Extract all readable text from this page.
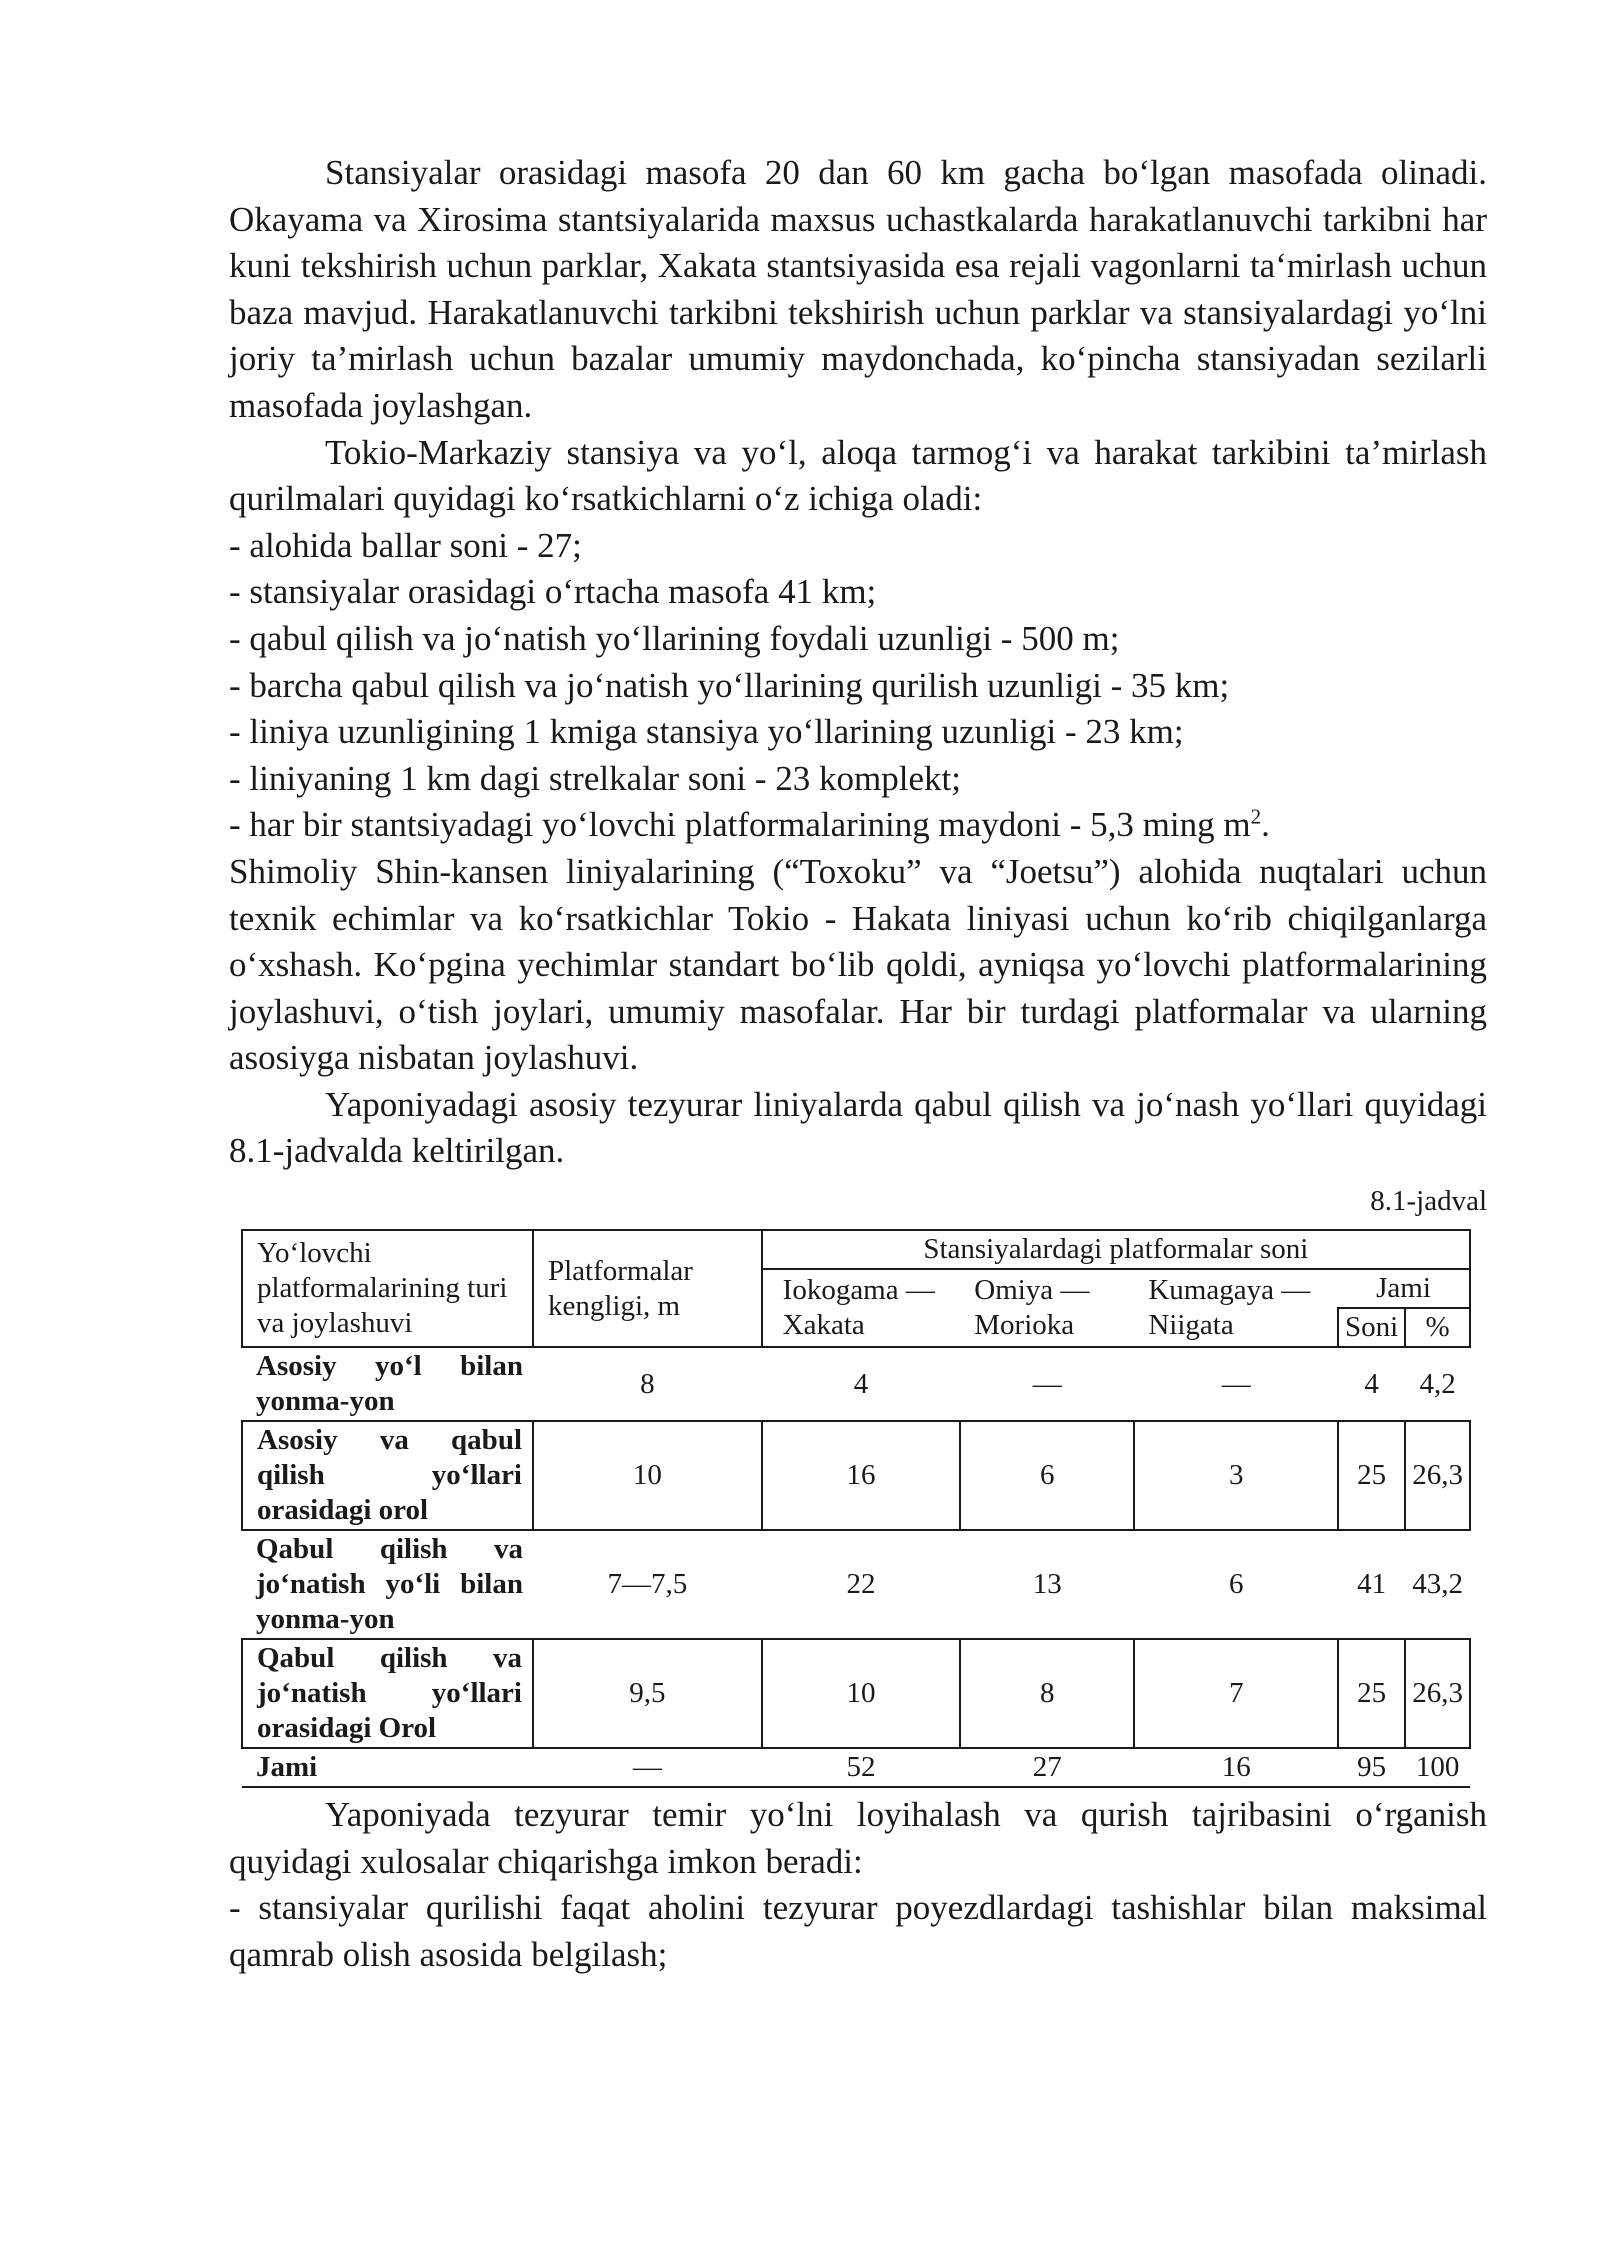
Stansiyalar orasidagi masofa 20 dan 60 km gacha bo‘lgan masofada olinadi. Okayama va Xirosima stantsiyalarida maxsus uchastkalarda harakatlanuvchi tarkibni har kuni tekshirish uchun parklar, Xakata stantsiyasida esa rejali vagonlarni ta‘mirlash uchun baza mavjud. Harakatlanuvchi tarkibni tekshirish uchun parklar va stansiyalardagi yo‘lni joriy ta’mirlash uchun bazalar umumiy maydonchada, ko‘pincha stansiyadan sezilarli masofada joylashgan.

Tokio-Markaziy stansiya va yo‘l, aloqa tarmog‘i va harakat tarkibini ta’mirlash qurilmalari quyidagi ko‘rsatkichlarni o‘z ichiga oladi:

- alohida ballar soni - 27;

- stansiyalar orasidagi o‘rtacha masofa 41 km;

- qabul qilish va jo‘natish yo‘llarining foydali uzunligi - 500 m;

- barcha qabul qilish va jo‘natish yo‘llarining qurilish uzunligi - 35 km;

- liniya uzunligining 1 kmiga stansiya yo‘llarining uzunligi - 23 km;

- liniyaning 1 km dagi strelkalar soni - 23 komplekt;

- har bir stantsiyadagi yo‘lovchi platformalarining maydoni - 5,3 ming $m^2$.

Shimoliy Shin-kansen liniyalarining (“Toxoku” va “Joetsu”) alohida nuqtalari uchun texnik echimlar va ko‘rsatkichlar Tokio - Hakata liniyasi uchun ko‘rib chiqilganlarga o‘xshash. Ko‘pgina yechimlar standart bo‘lib qoldi, ayniqsa yo‘lovchi platformalarining joylashuvi, o‘tish joylari, umumiy masofalar. Har bir turdagi platformalar va ularning asosiyga nisbatan joylashuvi.

Yaponiyadagi asosiy tezyurar liniyalarda qabul qilish va jo‘nash yo‘llari quyidagi 8.1-jadvalda keltirilgan.

8.1-jadval
Yo‘lovchi platformalarining turi va joylashuvi	Platformalar kengligi, m	Stansiyalardagi platformalar soni				
		Iokogama — Xakata	Omiya — Morioka	Kumagaya — Niigata	Jami	
					Soni	%
Asosiy yo‘l bilan yonma-yon	8	4	—	—	4	4,2
Asosiy va qabul qilish yo‘llari orasidagi orol	10	16	6	3	25	26,3
Qabul qilish va jo‘natish yo‘li bilan yonma-yon	7—7,5	22	13	6	41	43,2
Qabul qilish va jo‘natish yo‘llari orasidagi Orol	9,5	10	8	7	25	26,3
Jami	—	52	27	16	95	100

Yaponiyada tezyurar temir yo‘lni loyihalash va qurish tajribasini o‘rganish quyidagi xulosalar chiqarishga imkon beradi:

- stansiyalar qurilishi faqat aholini tezyurar poyezdlardagi tashishlar bilan maksimal qamrab olish asosida belgilash;
